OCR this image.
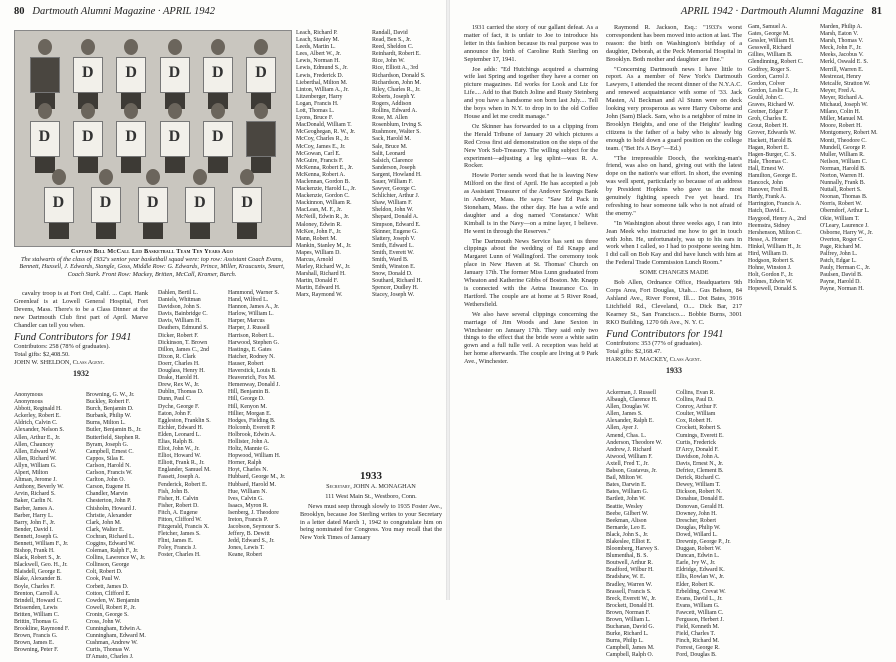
80 Dartmouth Alumni Magazine · APRIL 1942
D
D
D
D
D
D
D
D
D
D
D
D
D
D
D
Captain Bill McCall Led Basketball Team Ten Years Ago
The stalwarts of the class of 1932's senior year basketball squad were: top row: Assistant Coach Evans, Bennett, Huxsell, J. Edwards, Stangle, Goss, Middle Row: G. Edwards, Prince, Miller, Kraucunis, Smart, Coach Stark. Front Row: Mackey, Britten, McCall, Kramer, Burch.
Leach, Richard P.
Leach, Stanley M.
Leeds, Martin L.
Lees, Albert W., Jr.
Lewis, Norman H.
Lewis, Edmund S., Jr.
Lewis, Frederick D.
Lieberthal, Milton M.
Linton, William A., Jr.
Litzenberger, Harry
Logan, Francis H.
Lott, Thomas L.
Lyons, Bruce F.
MacDonald, William T.
McGeoghegan, R. W., Jr.
McCoy, Charles R., Jr.
McCoy, James E., Jr.
McGowan, Carl E.
McGuire, Francis F.
McKenna, Robert E., Jr.
McKenna, Robert A.
Maclennan, Gordon B.
Mackenzie, Harold L., Jr.
Mackenzie, Gordon C.
Mackinnon, William R.
MacLean, M. F., Jr.
McNeill, Edwin R., Jr.
Maloney, Edwin R.
McKee, John F., Jr.
Mann, Robert M.
Mankin, Stanley M., Jr.
Mapes, William D.
Marcus, Arnold
Marley, Richard W., Jr.
Marshall, Richard H.
Martin, Donald F.
Martin, Edward H.
Marx, Raymond W.
Randall, David
Read, Ben S., Jr.
Reed, Sheldon C.
Reinhardt, Robert E.
Rice, John W.
Rice, Elliott A., 3rd
Richardson, Donald S.
Richardson, John M.
Riley, Charles R., Jr.
Roberts, Joseph Y.
Rogers, Addison
Rollins, Edward A.
Rose, M. Allen
Rosenblum, Irving S.
Rushmore, Walter S.
Sack, Harold M.
Sale, Bruce M.
Salit, Leonard
Salsich, Clarence
Sanderson, Joseph
Sargent, Howland H.
Sauer, William F.
Sawyer, George C.
Schlichter, Arthur J.
Shaw, William F.
Sheldon, John W.
Shepard, Donald A.
Simpson, Edward E.
Skinner, Eugene G.
Slattery, Joseph V.
Smith, Edward L.
Smith, Everett W.
Smith, Ward B.
Smith, Winston E.
Snow, Donald D.
Southard, Richard H.
Spencer, Dudley H.
Stacey, Joseph W.

cavalry troop is at Fort Ord, Calif. ... Capt. Hank Greenleaf is at Lowell General Hospital, Fort Devens, Mass. There's to be a Class Dinner at the new Dartmouth Club first part of April. Marve Chandler can tell you when.

Fund Contributors for 1941
Contributors: 258 (78% of graduates).
Total gifts: $2,408.50.
JOHN W. SHELDON, Class Agent.
1932
Anonymous
Anonymous
Abbott, Reginald H.
Ackerley, Robert E.
Aldrich, Calvin C.
Alexander, Nelson S.
Allen, Arthur E., Jr.
Allen, Chauncey
Allen, Edward W.
Allen, Richard W.
Allyn, William G.
Alpert, Milton
Altman, Jerome J.
Anthony, Beverly W.
Arvin, Richard S.
Baker, Carlin N.
Barber, James A.
Barber, Harry L.
Barry, John F., Jr.
Bender, David I.
Bennett, Joseph G.
Bennett, William F., Jr.
Bishop, Frank H.
Black, Robert S., Jr.
Blackwell, Geo. H., Jr.
Blaisdell, George E.
Blake, Alexander B.
Boyle, Charles F.
Brenton, Carroll A.
Brindell, Howard C.
Brissenden, Lewis
Britten, William C.
Brittin, Thomas G.
Brookline, Raymond F.
Brown, Francis G.
Brown, James E.
Browning, Peter F.
Browning, G. W., Jr.
Buckley, Robert F.
Burch, Benjamin D.
Burbank, Philip W.
Burns, Milton L.
Butler, Benjamin B., Jr.
Butterfield, Stephen R.
Byram, Joseph G.
Campbell, Ernest C.
Cappos, Silas E.
Carlson, Harold N.
Carlson, Francis W.
Carlton, John O.
Carson, Eugene H.
Chandler, Marvin
Chesterton, John P.
Chisholm, Howard J.
Christie, Alexander
Clark, John M.
Clark, Walter E.
Cochran, Richard L.
Coggins, Edward W.
Coleman, Ralph F., Jr.
Collins, Lawrence W., Jr.
Collinson, George
Colt, Robert D.
Cook, Paul W.
Corbett, James D.
Cotton, Clifford E.
Cowden, W. Benjamin
Cowell, Robert P., Jr.
Cronin, George S.
Cross, John W.
Cunningham, Edwin A.
Cunningham, Edward M.
Cushman, Andrew W.
Curtis, Thomas W.
D'Amato, Charles J.
Dahlen, Bertil L.
Daniels, Whitman
Davidson, John S.
Davis, Bainbridge C.
Davis, William H.
Deathers, Edmund S.
Dicker, Robert F.
Dickinson, T. Brown
Dillon, James C., 2nd
Dixon, R. Clark
Doerr, Charles H.
Douglass, Henry H.
Drake, Harold H.
Drew, Rex W., Jr.
Dublin, Thomas D.
Dunn, Paul C.
Dyche, George F.
Eaton, John F.
Eggleston, Franklin S.
Eichler, Edward H.
Elden, Leonard L.
Elias, Ralph B.
Eliot, John W., Jr.
Elliot, Howard W.
Elliott, Frank R., Jr.
Englander, Samuel M.
Fassett, Joseph A.
Fenderick, Robert E.
Fish, John B.
Fisher, H. Calvin
Fisher, Robert D.
Fitch, A. Eugene
Fitton, Clifford W.
Fitzgerald, Francis X.
Fletcher, James S.
Flint, James E.
Foley, Francis J.
Foster, Charles H.
Hammond, Warner S.
Hand, Wilfred L.
Hannon, James A., Jr.
Harlow, William L.
Harper, Marcus
Harper, J. Russell
Harrison, Robert L.
Harwood, Stephen G.
Hastings, E. Gates
Hatcher, Rodney N.
Hauser, Robert
Haverstick, Louis B.
Heavenrich, Fox M.
Hemenway, Donald J.
Hill, Benjamin B.
Hill, George D.
Hill, Kenyon M.
Hillier, Morgan E.
Hodges, Fielding B.
Holcomb, Everett P.
Holbrook, Edwin A.
Hollister, John A.
Holtz, Mannie G.
Hopwood, William H.
Horner, Ralph
Hoyt, Charles N.
Hubbard, George M., Jr.
Hubbard, Harold M.
Hue, William N.
Ives, Calvin G.
Isaacs, Myron R.
Isenberg, J. Theodore
Ireton, Francis P.
Jacobson, Seymour S.
Jeffery, B. Dewitt
Jedd, Edward S., Jr.
Jones, Lewis T.
Keane, Robert
1933
Secretary, JOHN A. MONAGHAN
111 West Main St., Westboro, Conn.

News must seep through slowly to 1935 Foster Ave., Brooklyn, because Joe Sterling writes to your Secretary in a letter dated March 1, 1942 to congratulate him on being nominated for Congress. You may recall that the New York Times of January

APRIL 1942 · Dartmouth Alumni Magazine 81

1931 carried the story of our gallant defeat. As a matter of fact, it is unfair to Joe to introduce his letter in this fashion because its real purpose was to announce the birth of Caroline Ruth Sterling on September 17, 1941.

Joe adds: "Ed Hutchings acquired a charming wife last Spring and together they have a corner on picture magazines. Ed works for Look and Liz for Life.... Add to that Butch Joline and Rusty Steinberg and you have a handsome son born last July.... Tell the boys when in N.Y. to drop in to the old Coffee House and let me credit manage."

Oz Skinner has forwarded to us a clipping from the Herald Tribune of January 20 which pictures a Red Cross first aid demonstration on the steps of the New York Sub-Treasury. The willing subject for the experiment—adjusting a leg splint—was R. A. Rocker.

Howie Porter sends word that he is leaving New Milford on the first of April. He has accepted a job as Assistant Treasurer of the Andover Savings Bank in Andover, Mass. He says: "Saw Ed Pack in Stoneham, Mass. the other day. He has a wife and daughter and a dog named 'Constance.' Whit Kimball is in the Navy—on a mine layer, I believe. He went in through the Reserves."

The Dartmouth News Service has sent us three clippings about the wedding of Ed Knapp and Margaret Lunn of Wallingford. The ceremony took place in New Haven at St. Thomas' Church on January 17th. The former Miss Lunn graduated from Wheaton and Katherine Gibbs of Boston. Mr. Knapp is connected with the Aetna Insurance Co. in Hartford. The couple are at home at 5 River Road, Wethersfield.

We also have several clippings concerning the marriage of Jim Woods and Jane Sexton in Winchester on January 17th. They said only two things to the effect that the bride wore a white satin gown and a full tulle veil. A reception was held at her home afterwards. The couple are living at 9 Park Ave., Winchester.

Raymond R. Jackson, Esq.: "1933's worst correspondent has been moved into action at last. The reason: the birth on Washington's birthday of a daughter, Deborah, at the Peck Memorial Hospital in Brooklyn. Both mother and daughter are fine."

"Concerning Dartmouth news I have little to report. As a member of New York's Dartmouth Lawyers, I attended the recent dinner of the N.Y.A.C. and renewed acquaintance with some of '33. Jack Masten, Al Beckman and Al Stunn were on deck looking very prosperous as were Harry Osborne and John (Sam) Black. Sam, who is a neighbor of mine in Brooklyn Heights, and one of the Heights' leading citizens is the father of a baby who is already big enough to hold down a guard position on the college team. ("Bet It's A Boy"—Ed.)

"The irrepressible Dooch, the working-man's friend, was also on hand, giving out with the latest dope on the nation's war effort. In short, the evening was well spent, particularly so because of an address by President Hopkins who gave us the most genuinely fighting speech I've yet heard. It's refreshing to hear someone talk who is not afraid of the enemy."

"In Washington about three weeks ago, I ran into Jean Meek who instructed me how to get in touch with John. He, unfortunately, was up to his ears in work when I called, so I had to postpone seeing him. I did call on Bob Kay and did have lunch with him at the Federal Trade Commission Lunch Room."

SOME CHANGES MADE

Bob Allen, Ordnance Office, Headquarters 9th Corps Area, Fort Douglas, Utah.... Gus Behson, 84 Ashland Ave., River Forest, Ill.... Dot Bates, 3916 Litchfield Rd., Cleveland, O.... Dick Bar, 217 Kearney St., San Francisco.... Bobbie Burns, 3001 RKO Building, 1270 6th Ave., N. Y. C.

Fund Contributors for 1941
Contributors: 353 (77% of graduates).
Total gifts: $2,168.47.
HAROLD F. MACKEY, Class Agent.
1933
Ackerman, J. Russell
Albaugh, Clarence H.
Allen, Douglas W.
Allen, James S.
Alexander, Ralph E.
Allen, Ayer J.
Amend, Chas. L.
Anderson, Theodore W.
Andrew, J. Richard
Atwood, William F.
Axtell, Fred T., Jr.
Babson, Gustavus, Jr.
Bail, Milton W.
Bates, Darwin E.
Bates, William G.
Bartlett, John W.
Beattie, Wesley
Beebe, Gilbert W.
Beekman, Alison
Bernarde, Leo E.
Black, John S., Jr.
Blakeslee, Elliot E.
Bloomberg, Harvey S.
Blumenthal, B. S.
Boutwell, Arthur R.
Bradford, Wilbur H.
Bradshaw, W. E.
Bradley, Warren W.
Brassell, Francis S.
Breck, Everett W., Jr.
Brockett, Donald H.
Brown, Norman F.
Brown, William L.
Buchanan, David G.
Burke, Richard L.
Burns, Philip L.
Campbell, James M.
Campbell, Ralph O.
Collins, Evan R.
Collins, Paul D.
Conroy, Arthur F.
Coulter, William
Cox, Robert H.
Crockett, Robert S.
Cumings, Everett E.
Curtis, Frederick
D'Arcy, Donald F.
Davidson, John A.
Davis, Ernest N., Jr.
Defriez, Clement B.
Derick, Richard C.
Dewey, William T.
Dickson, Robert N.
Donahue, Donald E.
Donovan, Gerald H.
Downey, John H.
Drescher, Robert
Douglas, Philip W.
Dowd, Willard L.
Drewnip, George P., Jr.
Duggan, Robert W.
Duncan, Edwin L.
Earle, Ivy W., Jr.
Eldridge, Edward K.
Ellis, Rowlan W., Jr.
Elder, Robert K.
Erbelding, Crevat W.
Evans, David L., Jr.
Evans, William G.
Fawcett, William C.
Ferguson, Herbert J.
Field, Kenneth M.
Field, Charles T.
Finch, Richard M.
Forrest, George R.
Ford, Douglas B.
Gam, Samuel A.
Gates, George M.
Gessler, William H.
Gesswell, Richard
Gillies, William B.
Glendinning, Robert C.
Godfrey, Roger S.
Gordon, Carrol J.
Gordon, Colver
Gordon, Leslie C., Jr.
Gould, John C.
Graves, Richard W.
Gretner, Edgar F.
Groh, Charles E.
Grout, Robert H.
Grover, Edwards W.
Hackett, Harold B.
Hagan, Robert E.
Hagen-Burger, C. S.
Hale, Thomas C.
Hall, Ernest W.
Hamilton, George E.
Hancock, John
Hanover, Fred B.
Hardy, Frank A.
Harrington, Francis A.
Hatch, David L.
Haygood, Henry A., 2nd
Heemstra, Sidney
Hershenson, Milton C.
Hesse, A. Homer
Hinkel, William H., Jr.
Hird, William D.
Hodgson, Robert S.
Hohne, Winston J.
Holt, Gordon F., Jr.
Holmes, Edwin W.
Hopewell, Donald S.
Marden, Philip A.
Marsh, Eaton V.
Marsh, Thomas V.
Meck, John F., Jr.
Meeks, Jacobus V.
Merkl, Oswald E. S.
Merrill, Warren E.
Mestrezat, Henry
Metcalfe, Stratton W.
Meyer, Fred A.
Meyer, Richard A.
Michaud, Joseph W.
Milano, Colin H.
Miller, Manuel M.
Moore, Robert H.
Montgomery, Robert M.
Monti, Theodore C.
Mundell, George P.
Muller, William R.
Neilson, William C.
Norman, Harold B.
Norton, Warren H.
Nunnally, Frank B.
Nuttall, Robert S.
Noonan, Thomas B.
Norris, Robert W.
Oberndorf, Arthur L.
Okie, William T.
O'Leary, Laurence J.
Osborne, Harry W., Jr.
Overton, Roger C.
Page, Richard M.
Palfrey, John L.
Patch, Edgar L.
Pauly, Herman C., Jr.
Paulsen, David B.
Payne, Harold D.
Payne, Norman H.
